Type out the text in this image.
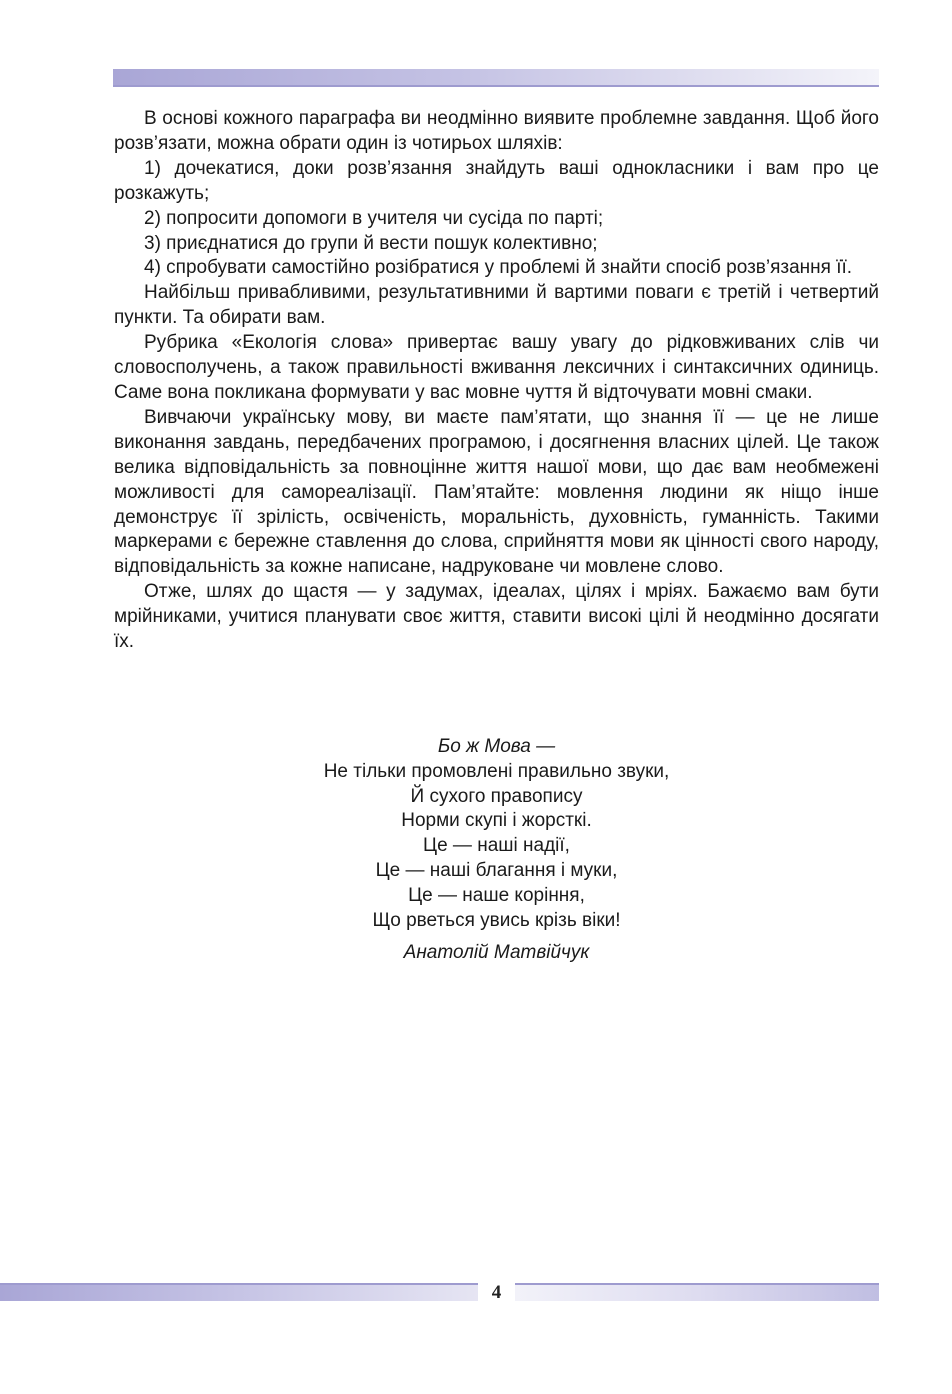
В основі кожного параграфа ви неодмінно виявите проблемне завдання. Щоб його розв’язати, можна обрати один із чотирьох шляхів:

1) дочекатися, доки розв’язання знайдуть ваші однокласники і вам про це розкажуть;

2) попросити допомоги в учителя чи сусіда по парті;

3) приєднатися до групи й вести пошук колективно;

4) спробувати самостійно розібратися у проблемі й знайти спосіб розв’язання її.

Найбільш привабливими, результативними й вартими поваги є третій і четвертий пункти. Та обирати вам.

Рубрика «Екологія слова» привертає вашу увагу до рідковживаних слів чи словосполучень, а також правильності вживання лексичних і синтаксичних одиниць. Саме вона покликана формувати у вас мовне чуття й відточувати мовні смаки.

Вивчаючи українську мову, ви маєте пам’ятати, що знання її — це не лише виконання завдань, передбачених програмою, і досягнення власних цілей. Це також велика відповідальність за повноцінне життя нашої мови, що дає вам необмежені можливості для самореалізації. Пам’ятайте: мовлення людини як ніщо інше демонструє її зрілість, освіченість, моральність, духовність, гуманність. Такими маркерами є бережне ставлення до слова, сприйняття мови як цінності свого народу, відповідальність за кожне написане, надруковане чи мовлене слово.

Отже, шлях до щастя — у задумах, ідеалах, цілях і мріях. Бажаємо вам бути мрійниками, учитися планувати своє життя, ставити високі цілі й неодмінно досягати їх.

Бо ж Мова —
Не тільки промовлені правильно звуки,
Й сухого правопису
Норми скупі і жорсткі.
Це — наші надії,
Це — наші благання і муки,
Це — наше коріння,
Що рветься увись крізь віки!
Анатолій Матвійчук
4
